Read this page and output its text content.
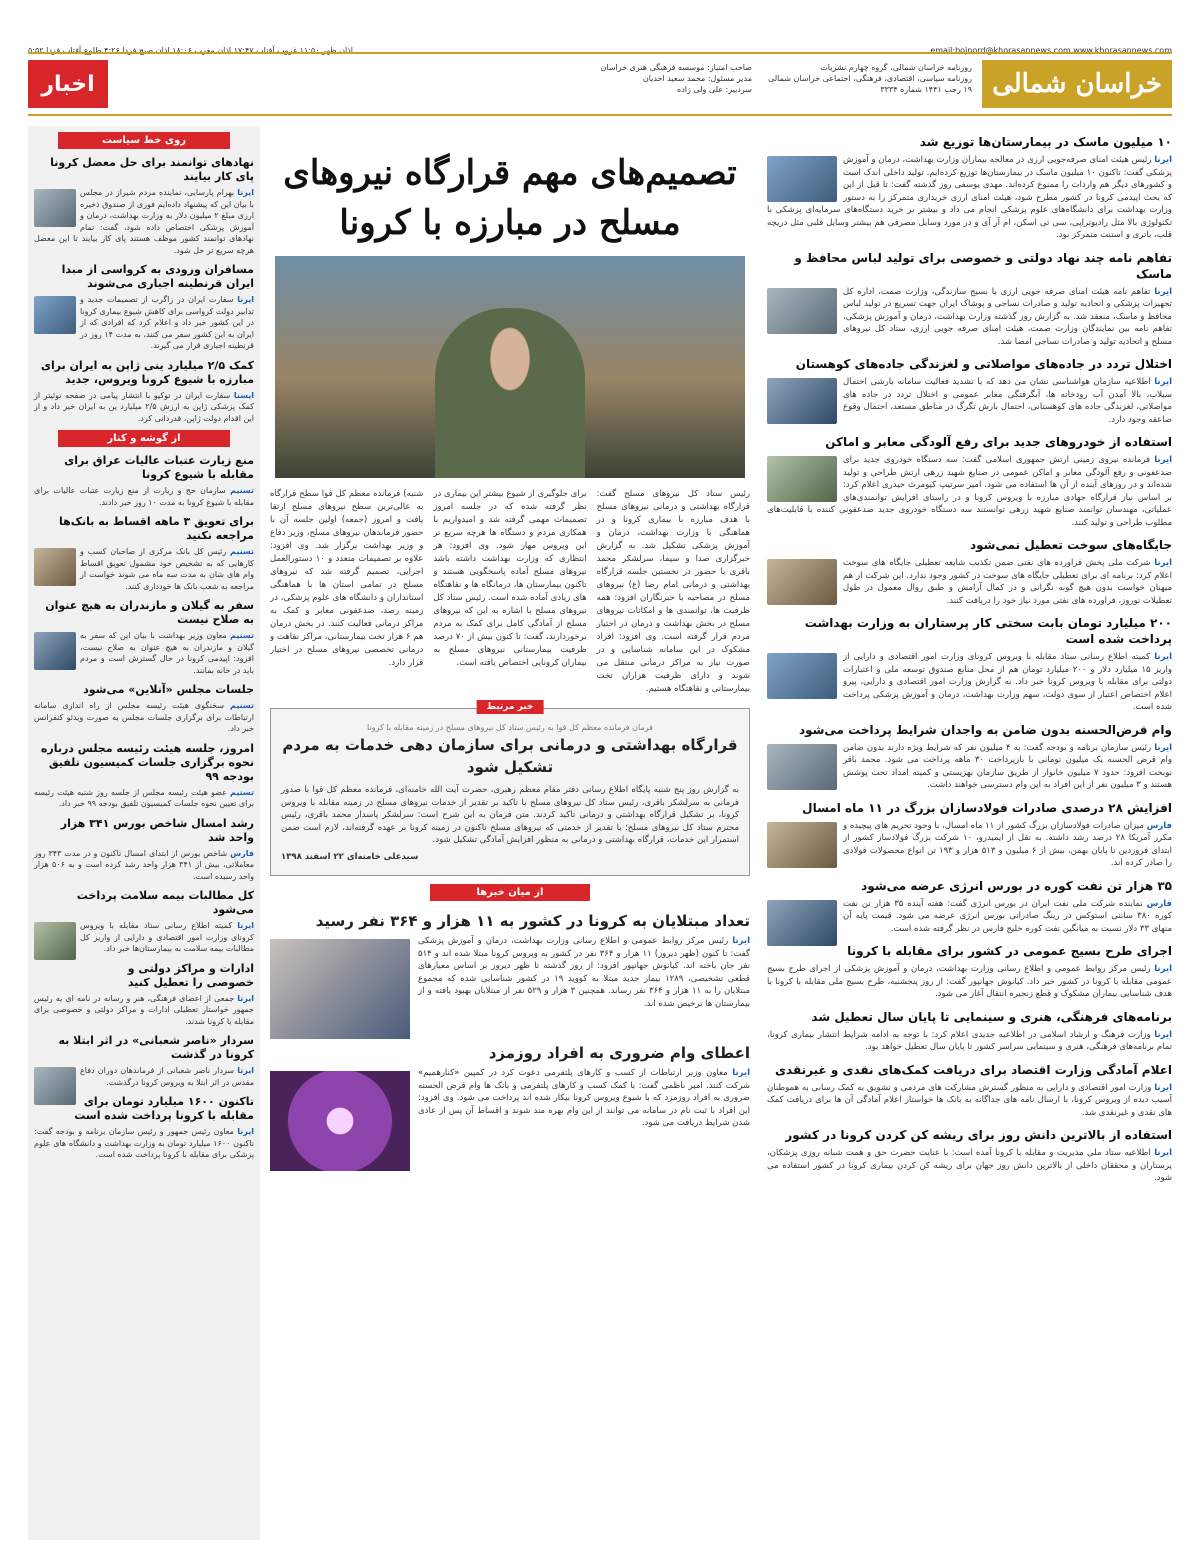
اذان ظهر ۱۱:۵۰ غروب آفتاب ۱۷:۴۷ اذان مغرب ۱۸:۰۶ اذان صبح فردا ۴:۲۶ طلوع آفتاب فردا ۵:۵۲	email:bojnord@khorasannews.com www.khorasannews.com
خراسان شمالی
روزنامه خراسان شمالی، گروه چهارم نشریات
روزنامه سیاسی، اقتصادی، فرهنگی، اجتماعی خراسان شمالی
۱۹ رجب ۱۴۴۱ شماره ۳۳۳۴
صاحب امتیاز: موسسه فرهنگی هنری خراسان
مدیر مسئول: محمد سعید احدیان
سردبیر: علی ولی زاده
اخبار
۱۰ میلیون ماسک در بیمارستان‌ها توزیع شد

ایرنا رئیس هیئت امنای صرفه‌جویی ارزی در معالجه بیماران وزارت بهداشت، درمان و آموزش پزشکی گفت: تاکنون ۱۰ میلیون ماسک در بیمارستان‌ها توزیع کرده‌ایم. تولید داخلی اندک است و کشورهای دیگر هم واردات را ممنوع کرده‌اند. مهدی یوسفی روز گذشته گفت: تا قبل از این که بحث اپیدمی کرونا در کشور مطرح شود، هیئت امنای ارزی خریداری متمرکز را به دستور وزارت بهداشت برای دانشگاه‌های علوم پزشکی انجام می داد و بیشتر بر خرید دستگاه‌های سرمایه‌ای پزشکی با تکنولوژی بالا مثل رادیوتراپی، سی تی اسکن، ام آر آی و در مورد وسایل مصرفی هم بیشتر وسایل قلبی مثل دریچه قلب، باتری و استنت متمرکز بود.

تفاهم نامه چند نهاد دولتی و خصوصی برای تولید لباس محافظ و ماسک

ایرنا تفاهم نامه هیئت امنای صرفه جویی ارزی با بسیج سازندگی، وزارت صمت، اداره کل تجهیزات پزشکی و اتحادیه تولید و صادرات نساجی و پوشاک ایران جهت تسریع در تولید لباس محافظ و ماسک، منعقد شد. به گزارش روز گذشته وزارت بهداشت، درمان و آموزش پزشکی، تفاهم نامه بین نمایندگان وزارت صمت، هیئت امنای صرفه جویی ارزی، ستاد کل نیروهای مسلح و اتحادیه تولید و صادرات نساجی امضا شد.

اختلال تردد در جاده‌های مواصلاتی و لغزندگی جاده‌های کوهستان

ایرنا اطلاعیه سازمان هواشناسی نشان می دهد که با تشدید فعالیت سامانه بارشی احتمال سیلاب، بالا آمدن آب رودخانه ها، آبگرفتگی معابر عمومی و اختلال تردد در جاده های مواصلاتی، لغزندگی جاده های کوهستانی، احتمال بارش تگرگ در مناطق مستعد، احتمال وقوع صاعقه وجود دارد.

استفاده از خودروهای جدید برای رفع آلودگی معابر و اماکن

ایرنا فرمانده نیروی زمینی ارتش جمهوری اسلامی گفت: سه دستگاه خودروی جدید برای ضدعفونی و رفع آلودگی معابر و اماکن عمومی در صنایع شهید زرهی ارتش طراحی و تولید شده‌اند و در روزهای آینده از آن ها استفاده می شود. امیر سرتیپ کیومرث حیدری اعلام کرد: بر اساس نیاز قرارگاه جهادی مبارزه با ویروس کرونا و در راستای افزایش توانمندی‌های عملیاتی، مهندسان توانمند صنایع شهید زرهی توانستند سه دستگاه خودروی جدید ضدعفونی کننده با قابلیت‌های مطلوب طراحی و تولید کنند.

جایگاه‌های سوخت تعطیل نمی‌شود

ایرنا شرکت ملی پخش فراورده های نفتی ضمن تکذیب شایعه تعطیلی جایگاه های سوخت اعلام کرد: برنامه ای برای تعطیلی جایگاه های سوخت در کشور وجود ندارد. این شرکت از هم میهنان خواست بدون هیچ گونه نگرانی و در کمال آرامش و طبق روال معمول در طول تعطیلات نوروز، فراورده های نفتی مورد نیاز خود را دریافت کنند.

۲۰۰ میلیارد تومان بابت سختی کار پرستاران به وزارت بهداشت پرداخت شده است

ایرنا کمیته اطلاع رسانی ستاد مقابله با ویروس کرونای وزارت امور اقتصادی و دارایی از واریز ۱۵ میلیارد دلار و ۲۰۰ میلیارد تومان هم از محل منابع صندوق توسعه ملی و اعتبارات دولتی برای مقابله با ویروس کرونا خبر داد. به گزارش وزارت امور اقتصادی و دارایی، پیرو اعلام اختصاص اعتبار از سوی دولت، سهم وزارت بهداشت، درمان و آموزش پزشکی پرداخت شده است.

وام قرض‌الحسنه بدون ضامن به واجدان شرایط پرداخت می‌شود

ایرنا رئیس سازمان برنامه و بودجه گفت: به ۴ میلیون نفر که شرایط ویژه دارند بدون ضامن وام قرض الحسنه یک میلیون تومانی با بازپرداخت ۳۰ ماهه پرداخت می شود. محمد باقر نوبخت افزود: حدود ۷ میلیون خانوار از طریق سازمان بهزیستی و کمیته امداد تحت پوشش هستند و ۳ میلیون نفر از این افراد به این وام دسترسی خواهند داشت.

افزایش ۲۸ درصدی صادرات فولادسازان بزرگ در ۱۱ ماه امسال

فارس میزان صادرات فولادسازان بزرگ کشور از ۱۱ ماه امسال، با وجود تحریم های پیچیده و مکرر آمریکا ۲۸ درصد رشد داشته. به نقل از ایمیدرو، ۱۰ شرکت بزرگ فولادساز کشور از ابتدای فروردین تا پایان بهمن، بیش از ۶ میلیون و ۵۱۳ هزار و ۱۹۳ تن انواع محصولات فولادی را صادر کرده اند.

۳۵ هزار تن نفت کوره در بورس انرژی عرضه می‌شود

فارس نماینده شرکت ملی نفت ایران در بورس انرژی گفت: هفته آینده ۳۵ هزار تن نفت کوره ۳۸۰ سانتی استوکس در رینگ صادراتی بورس انرژی عرضه می شود. قیمت پایه آن منهای ۳۳ دلار نسبت به میانگین نفت کوره خلیج فارس در نظر گرفته شده است.

اجرای طرح بسیج عمومی در کشور برای مقابله با کرونا

ایرنا رئیس مرکز روابط عمومی و اطلاع رسانی وزارت بهداشت، درمان و آموزش پزشکی از اجرای طرح بسیج عمومی مقابله با کرونا در کشور خبر داد. کیانوش جهانپور گفت: از روز پنجشنبه، طرح بسیج ملی مقابله با کرونا با هدف شناسایی بیماران مشکوک و قطع زنجیره انتقال آغاز می شود.

برنامه‌های فرهنگی، هنری و سینمایی تا پایان سال تعطیل شد

ایرنا وزارت فرهنگ و ارشاد اسلامی در اطلاعیه جدیدی اعلام کرد: با توجه به ادامه شرایط انتشار بیماری کرونا، تمام برنامه‌های فرهنگی، هنری و سینمایی سراسر کشور تا پایان سال تعطیل خواهد بود.

اعلام آمادگی وزارت اقتصاد برای دریافت کمک‌های نقدی و غیرنقدی

ایرنا وزارت امور اقتصادی و دارایی به منظور گسترش مشارکت های مردمی و تشویق به کمک رسانی به هموطنان آسیب دیده از ویروس کرونا، با ارسال نامه های جداگانه به بانک ها خواستار اعلام آمادگی آن ها برای دریافت کمک های نقدی و غیرنقدی شد.

استفاده از بالاترین دانش روز برای ریشه کن کردن کرونا در کشور

ایرنا اطلاعیه ستاد ملی مدیریت و مقابله با کرونا آمده است: با عنایت حضرت حق و همت شبانه روزی پزشکان، پرستاران و محققان داخلی از بالاترین دانش روز جهان برای ریشه کن کردن بیماری کرونا در کشور استفاده می شود.

تصمیم‌های مهم قرارگاه نیروهای مسلح در مبارزه با کرونا

رئیس ستاد کل نیروهای مسلح گفت: قرارگاه بهداشتی و درمانی نیروهای مسلح با هدف مبارزه با بیماری کرونا و در هماهنگی با وزارت بهداشت، درمان و آموزش پزشکی تشکیل شد. به گزارش خبرگزاری صدا و سیما، سرلشکر محمد باقری با حضور در نخستین جلسه قرارگاه بهداشتی و درمانی امام رضا (ع) نیروهای مسلح در مصاحبه با خبرنگاران افزود: همه ظرفیت ها، توانمندی ها و امکانات نیروهای مسلح در بخش بهداشت و درمان در اختیار مردم قرار گرفته است. وی افزود: افراد مشکوک در این سامانه شناسایی و در صورت نیاز به مراکز درمانی منتقل می شوند و دارای ظرفیت هزاران تخت بیمارستانی و نقاهتگاه هستیم.

برای جلوگیری از شیوع بیشتر این بیماری در نظر گرفته شده که در جلسه امروز تصمیمات مهمی گرفته شد و امیدواریم با همکاری مردم و دستگاه ها هرچه سریع تر این ویروس مهار شود. وی افزود: هر انتظاری که وزارت بهداشت داشته باشد نیروهای مسلح آماده پاسخگویی هستند و تاکنون بیمارستان ها، درمانگاه ها و نقاهتگاه های زیادی آماده شده است. رئیس ستاد کل نیروهای مسلح با اشاره به این که نیروهای مسلح از آمادگی کامل برای کمک به مردم برخوردارند، گفت: تا کنون بیش از ۷۰ درصد ظرفیت بیمارستانی نیروهای مسلح به بیماران کرونایی اختصاص یافته است.

شنبه) فرمانده معظم کل قوا سطح قرارگاه به عالی‌ترین سطح نیروهای مسلح ارتقا یافت و امروز (جمعه) اولین جلسه آن با حضور فرماندهان نیروهای مسلح، وزیر دفاع و وزیر بهداشت برگزار شد. وی افزود: علاوه بر تصمیمات متعدد و ۱۰ دستورالعمل اجرایی، تصمیم گرفته شد که نیروهای مسلح در تمامی استان ها با هماهنگی استانداران و دانشگاه های علوم پزشکی، در زمینه رصد، ضدعفونی معابر و کمک به مراکز درمانی فعالیت کنند. در بخش درمان هم ۶ هزار تخت بیمارستانی، مراکز نقاهت و درمانی تخصصی نیروهای مسلح در اختیار قرار دارد.

خبر مرتبط
فرمان فرمانده معظم کل قوا به رئیس ستاد کل نیروهای مسلح در زمینه مقابله با کرونا
قرارگاه بهداشتی و درمانی برای سازمان دهی خدمات به مردم تشکیل شود

به گزارش روز پنج شنبه پایگاه اطلاع رسانی دفتر مقام معظم رهبری، حضرت آیت الله خامنه‌ای، فرمانده معظم کل قوا با صدور فرمانی به سرلشکر باقری، رئیس ستاد کل نیروهای مسلح با تاکید بر تقدیر از خدمات نیروهای مسلح در زمینه مقابله با ویروس کرونا، بر تشکیل قرارگاه بهداشتی و درمانی تاکید کردند. متن فرمان به این شرح است: سرلشکر پاسدار محمد باقری، رئیس محترم ستاد کل نیروهای مسلح؛ با تقدیر از خدمتی که نیروهای مسلح تاکنون در زمینه کرونا بر عهده گرفته‌اند، لازم است ضمن استمرار این خدمات، قرارگاه بهداشتی و درمانی به منظور افزایش آمادگی تشکیل شود.

سیدعلی خامنه‌ای ۲۲ اسفند ۱۳۹۸

از میان خبرها
تعداد مبتلایان به کرونا در کشور به ۱۱ هزار و ۳۶۴ نفر رسید

ایرنا رئیس مرکز روابط عمومی و اطلاع رسانی وزارت بهداشت، درمان و آموزش پزشکی گفت: تا کنون (ظهر دیروز) ۱۱ هزار و ۳۶۴ نفر در کشور به ویروس کرونا مبتلا شده اند و ۵۱۴ نفر جان باخته اند. کیانوش جهانپور افزود: از روز گذشته تا ظهر دیروز بر اساس معیارهای قطعی تشخیصی، ۱۲۸۹ بیمار جدید مبتلا به کووید ۱۹ در کشور شناسایی شده که مجموع مبتلایان را به ۱۱ هزار و ۳۶۴ نفر رساند. همچنین ۳ هزار و ۵۲۹ نفر از مبتلایان بهبود یافته و از بیمارستان ها ترخیص شده اند.

اعطای وام ضروری به افراد روزمزد

ایرنا معاون وزیر ارتباطات از کسب و کارهای پلتفرمی دعوت کرد در کمپین «کنارهمیم» شرکت کنند. امیر ناظمی گفت: با کمک کسب و کارهای پلتفرمی و بانک ها وام قرض الحسنه ضروری به افراد روزمزد که با شیوع ویروس کرونا بیکار شده اند پرداخت می شود. وی افزود: این افراد با ثبت نام در سامانه می توانند از این وام بهره مند شوند و اقساط آن پس از عادی شدن شرایط دریافت می شود.

روی خط سیاست
نهادهای توانمند برای حل معضل کرونا پای کار بیایند

ایرنا بهرام پارسایی، نماینده مردم شیراز در مجلس با بیان این که پیشنهاد داده‌ایم فوری از صندوق ذخیره ارزی مبلغ ۲ میلیون دلار به وزارت بهداشت، درمان و آموزش پزشکی اختصاص داده شود، گفت: تمام نهادهای توانمند کشور موظف هستند پای کار بیایند تا این معضل هرچه سریع تر حل شود.

مسافران ورودی به کرواسی از مبدا ایران قرنطینه اجباری می‌شوند

ایرنا سفارت ایران در زاگرب از تصمیمات جدید و تدابیر دولت کرواسی برای کاهش شیوع بیماری کرونا در این کشور خبر داد و اعلام کرد که افرادی که از ایران به این کشور سفر می کنند، به مدت ۱۴ روز در قرنطینه اجباری قرار می گیرند.

کمک ۲/۵ میلیارد ینی ژاپن به ایران برای مبارزه با شیوع کرونا ویروس، جدید

ایسنا سفارت ایران در توکیو با انتشار پیامی در صفحه توئیتر از کمک پزشکی ژاپن به ارزش ۲/۵ میلیارد ین به ایران خبر داد و از این اقدام دولت ژاپن، قدردانی کرد.

از گوشه و کنار
منع زیارت عتبات عالیات عراق برای مقابله با شیوع کرونا

تسنیم سازمان حج و زیارت از منع زیارت عتبات عالیات برای مقابله با شیوع کرونا به مدت ۱۰ روز خبر دادند.

برای تعویق ۳ ماهه اقساط به بانک‌ها مراجعه نکنید

تسنیم رئیس کل بانک مرکزی از صاحبان کسب و کارهایی که به تشخیص خود مشمول تعویق اقساط وام های شان به مدت سه ماه می شوند خواست از مراجعه به شعب بانک ها خودداری کنند.

سفر به گیلان و مازندران به هیچ عنوان به صلاح نیست

تسنیم معاون وزیر بهداشت با بیان این که سفر به گیلان و مازندران به هیچ عنوان به صلاح نیست، افزود: اپیدمی کرونا در حال گسترش است و مردم باید در خانه بمانند.

جلسات مجلس «آنلاین» می‌شود

تسنیم سخنگوی هیئت رئیسه مجلس از راه اندازی سامانه ارتباطات برای برگزاری جلسات مجلس به صورت ویدئو کنفرانس خبر داد.

امروز، جلسه هیئت رئیسه مجلس درباره نحوه برگزاری جلسات کمیسیون تلفیق بودجه ۹۹

تسنیم عضو هیئت رئیسه مجلس از جلسه روز شنبه هیئت رئیسه برای تعیین نحوه جلسات کمیسیون تلفیق بودجه ۹۹ خبر داد.

رشد امسال شاخص بورس ۳۴۱ هزار واحد شد

فارس شاخص بورس از ابتدای امسال تاکنون و در مدت ۳۴۳ روز معاملاتی، بیش از ۳۴۱ هزار واحد رشد کرده است و به ۵۰۶ هزار واحد رسیده است.

کل مطالبات بیمه سلامت پرداخت می‌شود

ایرنا کمیته اطلاع رسانی ستاد مقابله با ویروس کرونای وزارت امور اقتصادی و دارایی از واریز کل مطالبات بیمه سلامت به بیمارستان‌ها خبر داد.

ادارات و مراکز دولتی و خصوصی را تعطیل کنید

ایرنا جمعی از اعضای فرهنگی، هنر و رسانه در نامه ای به رئیس جمهور خواستار تعطیلی ادارات و مراکز دولتی و خصوصی برای مقابله با کرونا شدند.

سردار «ناصر شعبانی» در اثر ابتلا به کرونا در گذشت

ایرنا سردار ناصر شعبانی از فرماندهان دوران دفاع مقدس در اثر ابتلا به ویروس کرونا درگذشت.

تاکنون ۱۶۰۰ میلیارد تومان برای مقابله با کرونا پرداخت شده است

ایرنا معاون رئیس جمهور و رئیس سازمان برنامه و بودجه گفت: تاکنون ۱۶۰۰ میلیارد تومان به وزارت بهداشت و دانشگاه های علوم پزشکی برای مقابله با کرونا پرداخت شده است.
